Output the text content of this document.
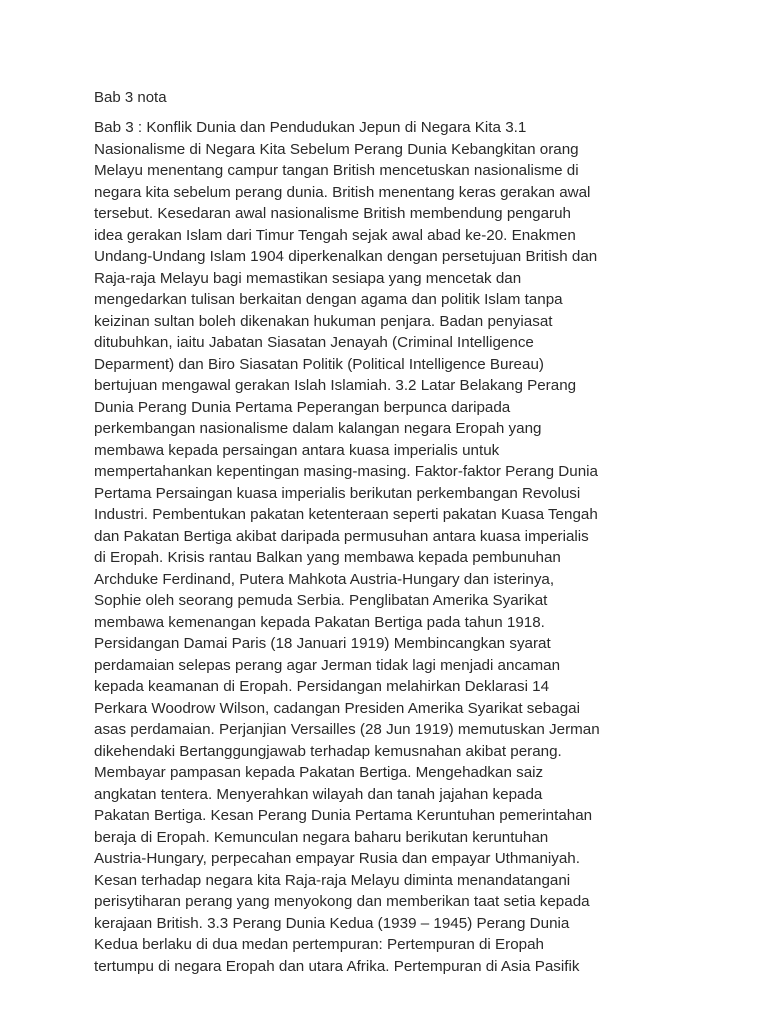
Bab 3 nota
Bab 3 : Konflik Dunia dan Pendudukan Jepun di Negara Kita 3.1
Nasionalisme di Negara Kita Sebelum Perang Dunia Kebangkitan orang
Melayu menentang campur tangan British mencetuskan nasionalisme di
negara kita sebelum perang dunia. British menentang keras gerakan awal
tersebut. Kesedaran awal nasionalisme British membendung pengaruh
idea gerakan Islam dari Timur Tengah sejak awal abad ke-20. Enakmen
Undang-Undang Islam 1904 diperkenalkan dengan persetujuan British dan
Raja-raja Melayu bagi memastikan sesiapa yang mencetak dan
mengedarkan tulisan berkaitan dengan agama dan politik Islam tanpa
keizinan sultan boleh dikenakan hukuman penjara. Badan penyiasat
ditubuhkan, iaitu Jabatan Siasatan Jenayah (Criminal Intelligence
Deparment) dan Biro Siasatan Politik (Political Intelligence Bureau)
bertujuan mengawal gerakan Islah Islamiah. 3.2 Latar Belakang Perang
Dunia Perang Dunia Pertama Peperangan berpunca daripada
perkembangan nasionalisme dalam kalangan negara Eropah yang
membawa kepada persaingan antara kuasa imperialis untuk
mempertahankan kepentingan masing-masing. Faktor-faktor Perang Dunia
Pertama Persaingan kuasa imperialis berikutan perkembangan Revolusi
Industri. Pembentukan pakatan ketenteraan seperti pakatan Kuasa Tengah
dan Pakatan Bertiga akibat daripada permusuhan antara kuasa imperialis
di Eropah. Krisis rantau Balkan yang membawa kepada pembunuhan
Archduke Ferdinand, Putera Mahkota Austria-Hungary dan isterinya,
Sophie oleh seorang pemuda Serbia. Penglibatan Amerika Syarikat
membawa kemenangan kepada Pakatan Bertiga pada tahun 1918.
Persidangan Damai Paris (18 Januari 1919) Membincangkan syarat
perdamaian selepas perang agar Jerman tidak lagi menjadi ancaman
kepada keamanan di Eropah. Persidangan melahirkan Deklarasi 14
Perkara Woodrow Wilson, cadangan Presiden Amerika Syarikat sebagai
asas perdamaian. Perjanjian Versailles (28 Jun 1919) memutuskan Jerman
dikehendaki Bertanggungjawab terhadap kemusnahan akibat perang.
Membayar pampasan kepada Pakatan Bertiga. Mengehadkan saiz
angkatan tentera. Menyerahkan wilayah dan tanah jajahan kepada
Pakatan Bertiga. Kesan Perang Dunia Pertama Keruntuhan pemerintahan
beraja di Eropah. Kemunculan negara baharu berikutan keruntuhan
Austria-Hungary, perpecahan empayar Rusia dan empayar Uthmaniyah.
Kesan terhadap negara kita Raja-raja Melayu diminta menandatangani
perisytiharan perang yang menyokong dan memberikan taat setia kepada
kerajaan British. 3.3 Perang Dunia Kedua (1939 – 1945) Perang Dunia
Kedua berlaku di dua medan pertempuran: Pertempuran di Eropah
tertumpu di negara Eropah dan utara Afrika. Pertempuran di Asia Pasifik
